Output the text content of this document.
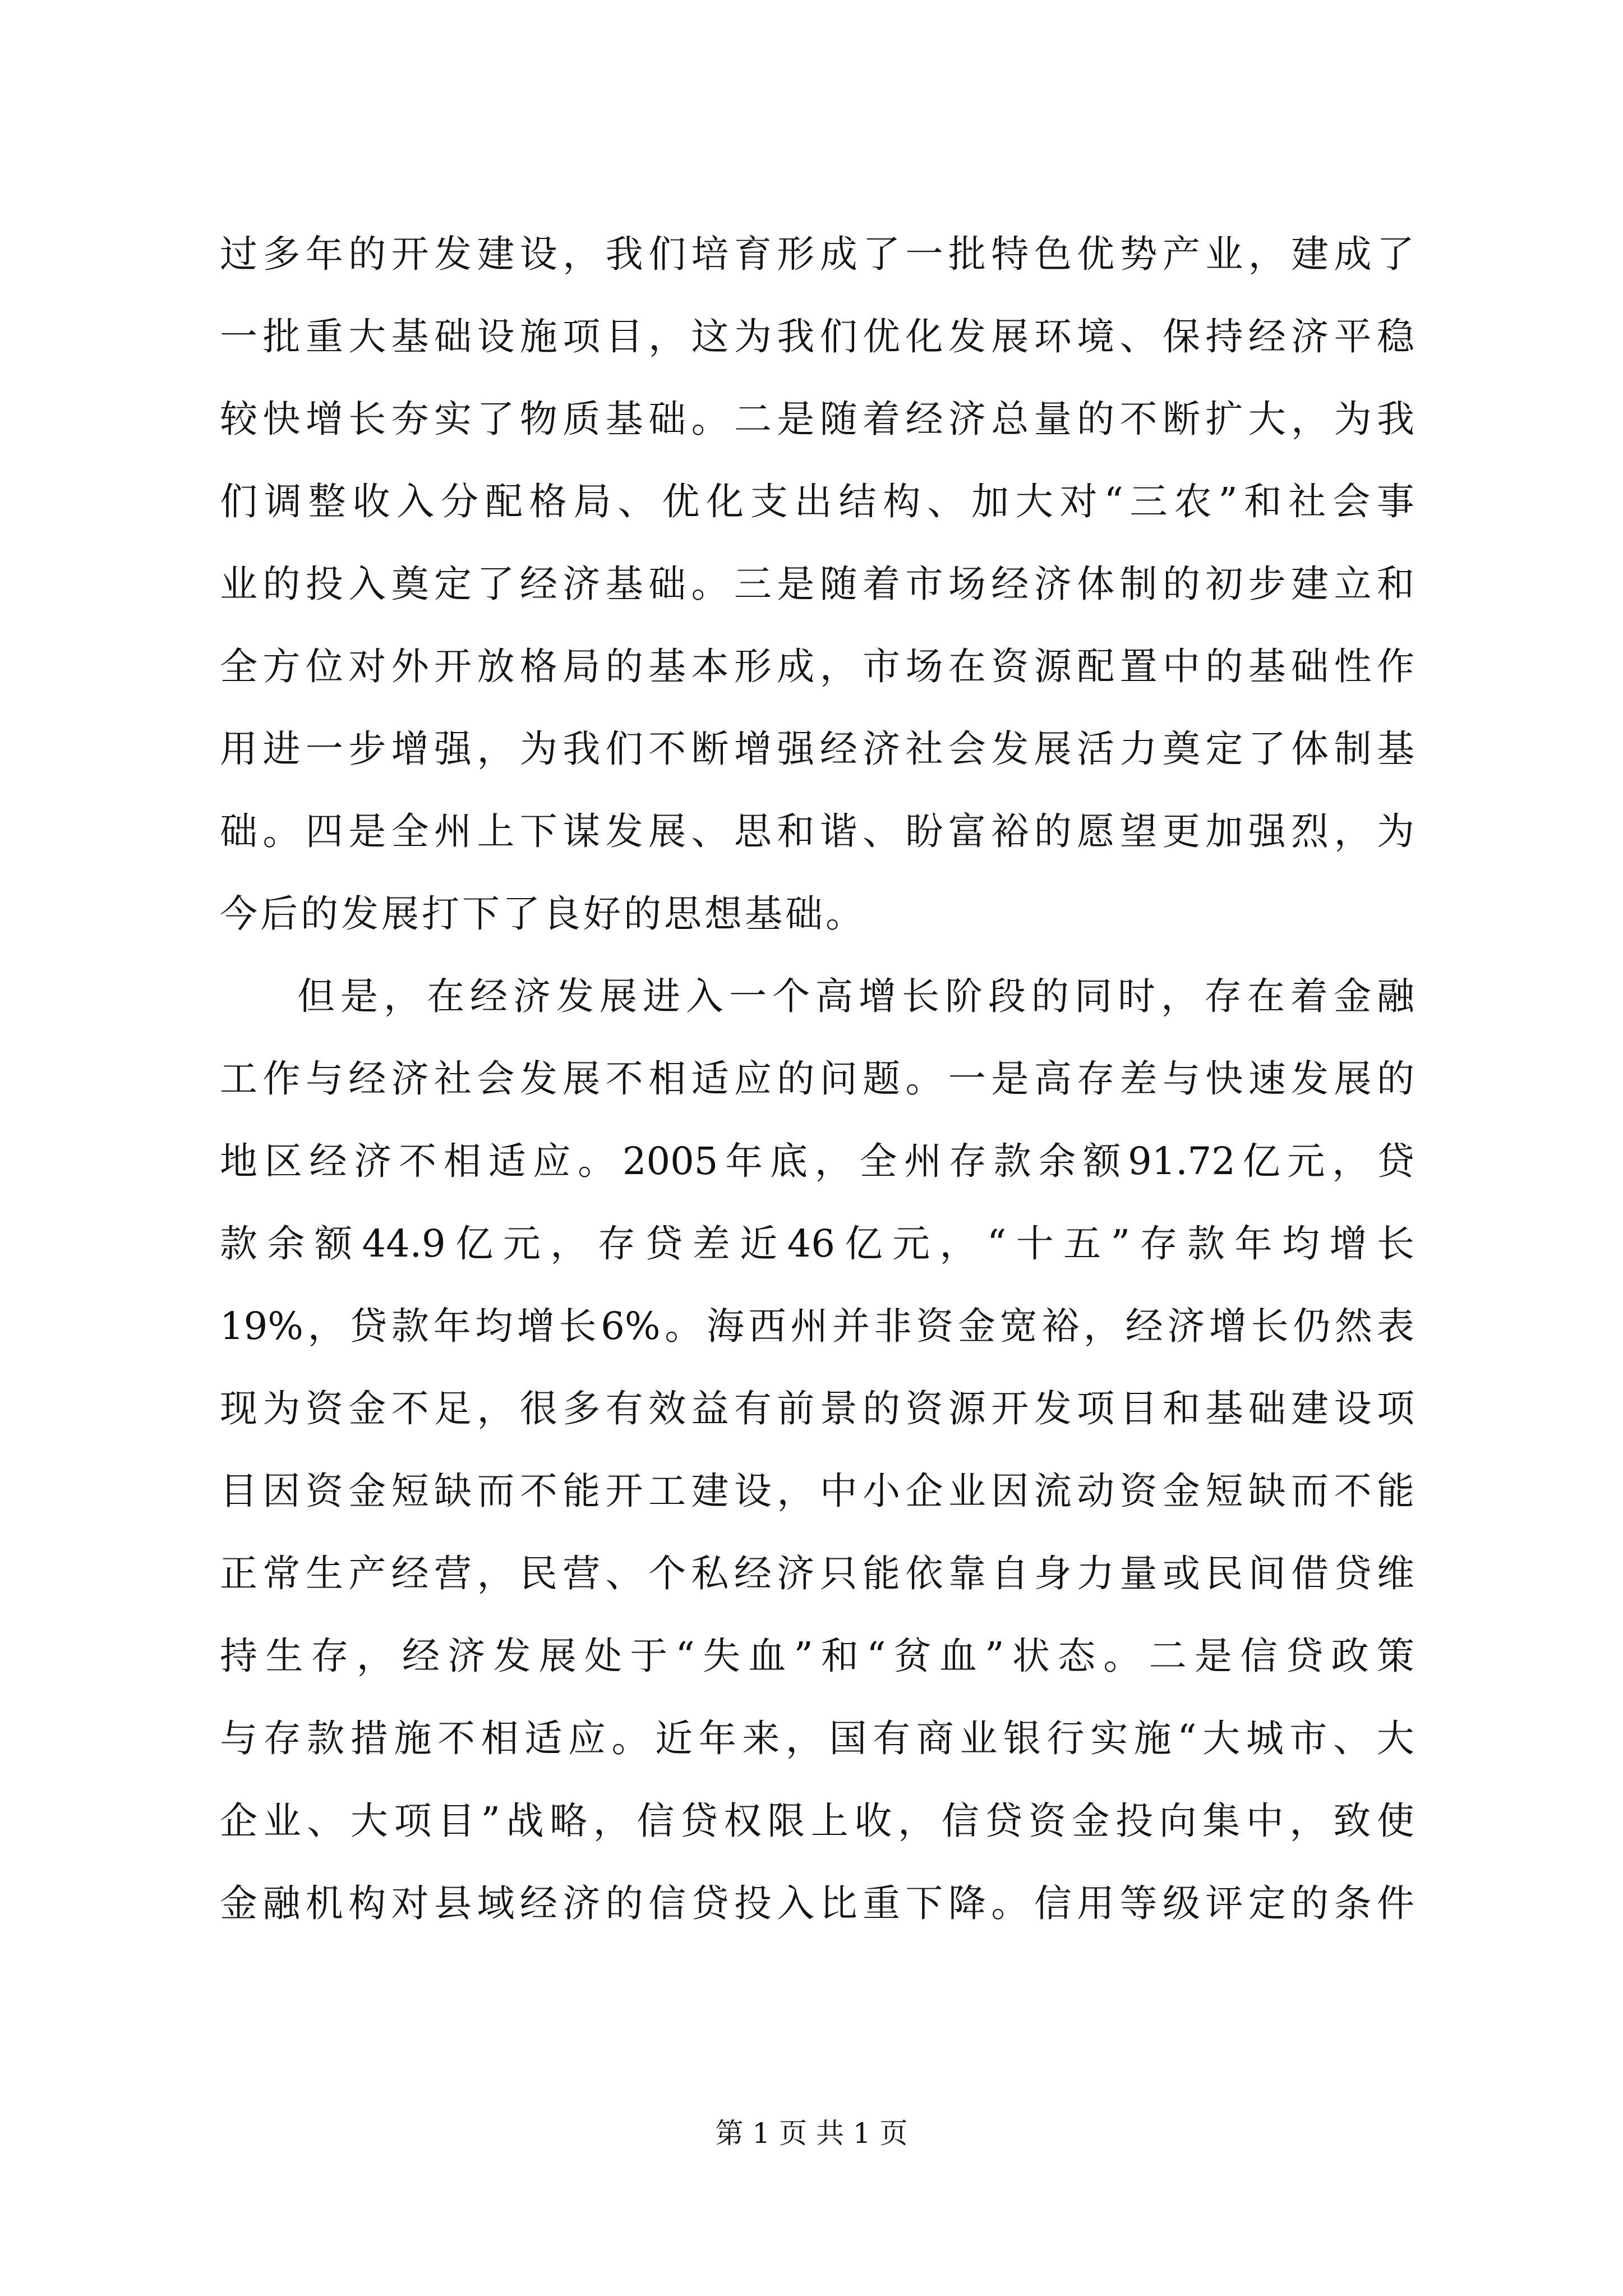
过 多 年 的 开 发 建 设 ， 我 们 培 育 形 成 了 一 批 特 色 优 势 产 业 ， 建 成 了
一 批 重 大 基 础 设 施 项 目 ， 这 为 我 们 优 化 发 展 环 境 、 保 持 经 济 平 稳
较 快 增 长 夯 实 了 物 质 基 础 。 二 是 随 着 经 济 总 量 的 不 断 扩 大 ， 为 我
们 调 整 收 入 分 配 格 局 、 优 化 支 出 结 构 、 加 大 对 “ 三 农 ” 和 社 会 事
业 的 投 入 奠 定 了 经 济 基 础 。 三 是 随 着 市 场 经 济 体 制 的 初 步 建 立 和
全 方 位 对 外 开 放 格 局 的 基 本 形 成 ， 市 场 在 资 源 配 置 中 的 基 础 性 作
用 进 一 步 增 强 ， 为 我 们 不 断 增 强 经 济 社 会 发 展 活 力 奠 定 了 体 制 基
础 。 四 是 全 州 上 下 谋 发 展 、 思 和 谐 、 盼 富 裕 的 愿 望 更 加 强 烈 ， 为
今后的发展打下了良好的思想基础。
但 是 ， 在 经 济 发 展 进 入 一 个 高 增 长 阶 段 的 同 时 ， 存 在 着 金 融
工 作 与 经 济 社 会 发 展 不 相 适 应 的 问 题 。 一 是 高 存 差 与 快 速 发 展 的
地 区 经 济 不 相 适 应 。 2005 年 底 ， 全 州 存 款 余 额 91.72 亿 元 ， 贷
款 余 额 44.9 亿 元 ， 存 贷 差 近 46 亿 元 ， “ 十 五 ” 存 款 年 均 增 长
19% ， 贷 款 年 均 增 长 6% 。 海 西 州 并 非 资 金 宽 裕 ， 经 济 增 长 仍 然 表
现 为 资 金 不 足 ， 很 多 有 效 益 有 前 景 的 资 源 开 发 项 目 和 基 础 建 设 项
目 因 资 金 短 缺 而 不 能 开 工 建 设 ， 中 小 企 业 因 流 动 资 金 短 缺 而 不 能
正 常 生 产 经 营 ， 民 营 、 个 私 经 济 只 能 依 靠 自 身 力 量 或 民 间 借 贷 维
持 生 存 ， 经 济 发 展 处 于 “ 失 血 ” 和 “ 贫 血 ” 状 态 。 二 是 信 贷 政 策
与 存 款 措 施 不 相 适 应 。 近 年 来 ， 国 有 商 业 银 行 实 施 “ 大 城 市 、 大
企 业 、 大 项 目 ” 战 略 ， 信 贷 权 限 上 收 ， 信 贷 资 金 投 向 集 中 ， 致 使
金 融 机 构 对 县 域 经 济 的 信 贷 投 入 比 重 下 降 。 信 用 等 级 评 定 的 条 件
第 1 页 共 1 页
